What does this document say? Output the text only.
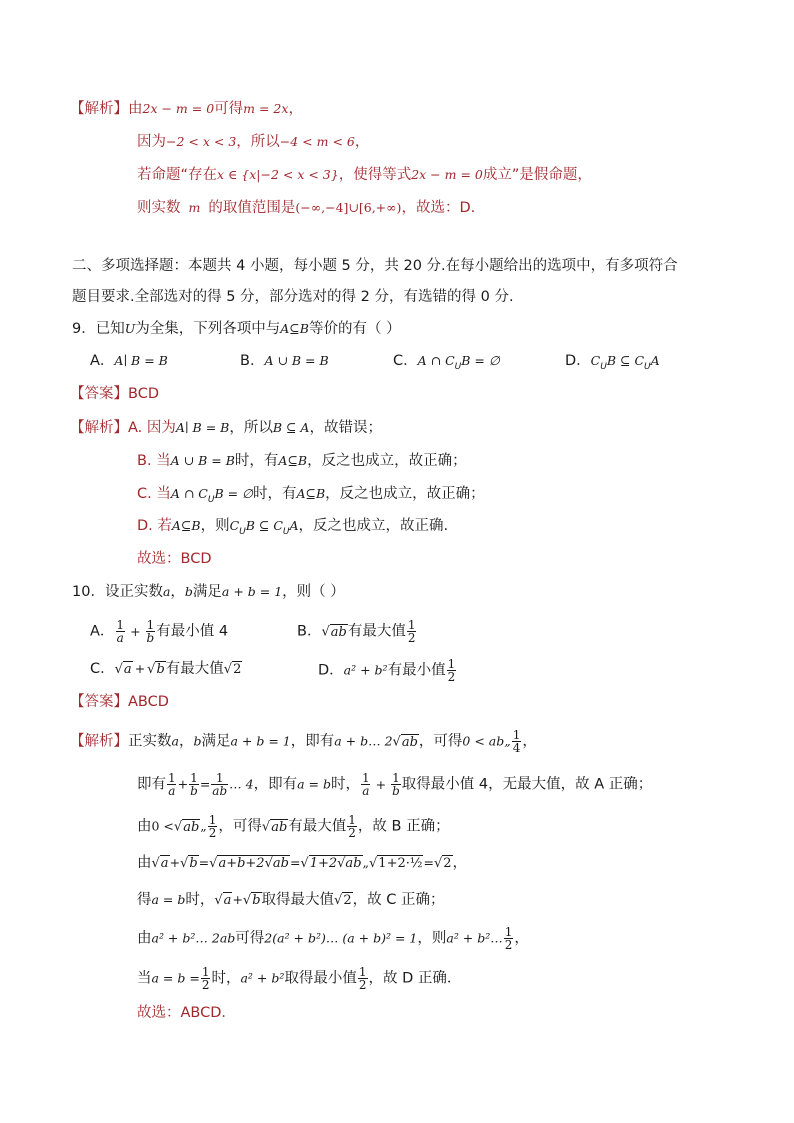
【解析】由2x − m = 0可得m = 2x，
因为−2 < x < 3，所以−4 < m < 6，
若命题“存在x ∈ {x|−2 < x < 3}，使得等式2x − m = 0成立”是假命题，
则实数 m 的取值范围是(−∞,−4]∪[6,+∞)，故选：D.
二、多项选择题：本题共 4 小题，每小题 5 分，共 20 分.在每小题给出的选项中，有多项符合
题目要求.全部选对的得 5 分，部分选对的得 2 分，有选错的得 0 分.
9．已知U为全集，下列各项中与A⊆B等价的有（ ）
A．A∣ B = B	B．A ∪ B = B	C．A ∩ $C_UB$ = ∅	D．$C_UB$ ⊆ $C_UA$
【答案】BCD
【解析】A. 因为A∣ B = B，所以B ⊆ A，故错误；
B. 当A ∪ B = B时，有A⊆B，反之也成立，故正确；
C. 当A ∩ $C_UB$ = ∅时，有A⊆B，反之也成立，故正确；
D. 若A⊆B，则$C_UB$ ⊆ $C_UA$，反之也成立，故正确.
故选：BCD
10．设正实数a，b满足a + b = 1，则（ ）
A． $\frac{1}{a} + \frac{1}{b}$ 有最小值 4	B．√ab有最大值 $\frac{1}{2}$
C．√a + √b有最大值√2	D．a² + b²有最小值 $\frac{1}{2}$
【答案】ABCD
【解析】正实数a，b满足a + b = 1，即有a + b… 2√ab，可得0 < ab„ $\frac{1}{4}$ ，
即有 $\frac{1}{a} + \frac{1}{b} = \frac{1}{ab}$ … 4，即有a = b时， $\frac{1}{a} + \frac{1}{b}$ 取得最小值 4，无最大值，故 A 正确；
由0 <√ab„ $\frac{1}{2}$ ，可得√ab有最大值 $\frac{1}{2}$ ，故 B 正确；
由√a+√b=√a+b+2√ab=√1+2√ab„√1+2·½=√2，
得a = b时，√a+√b取得最大值√2，故 C 正确；
由a² + b²… 2ab可得2(a² + b²)… (a + b)² = 1，则a² + b²… $\frac{1}{2}$ ，
当$a = b = \frac{1}{2}$ 时，a² + b²取得最小值 $\frac{1}{2}$ ，故 D 正确．
故选：ABCD．
